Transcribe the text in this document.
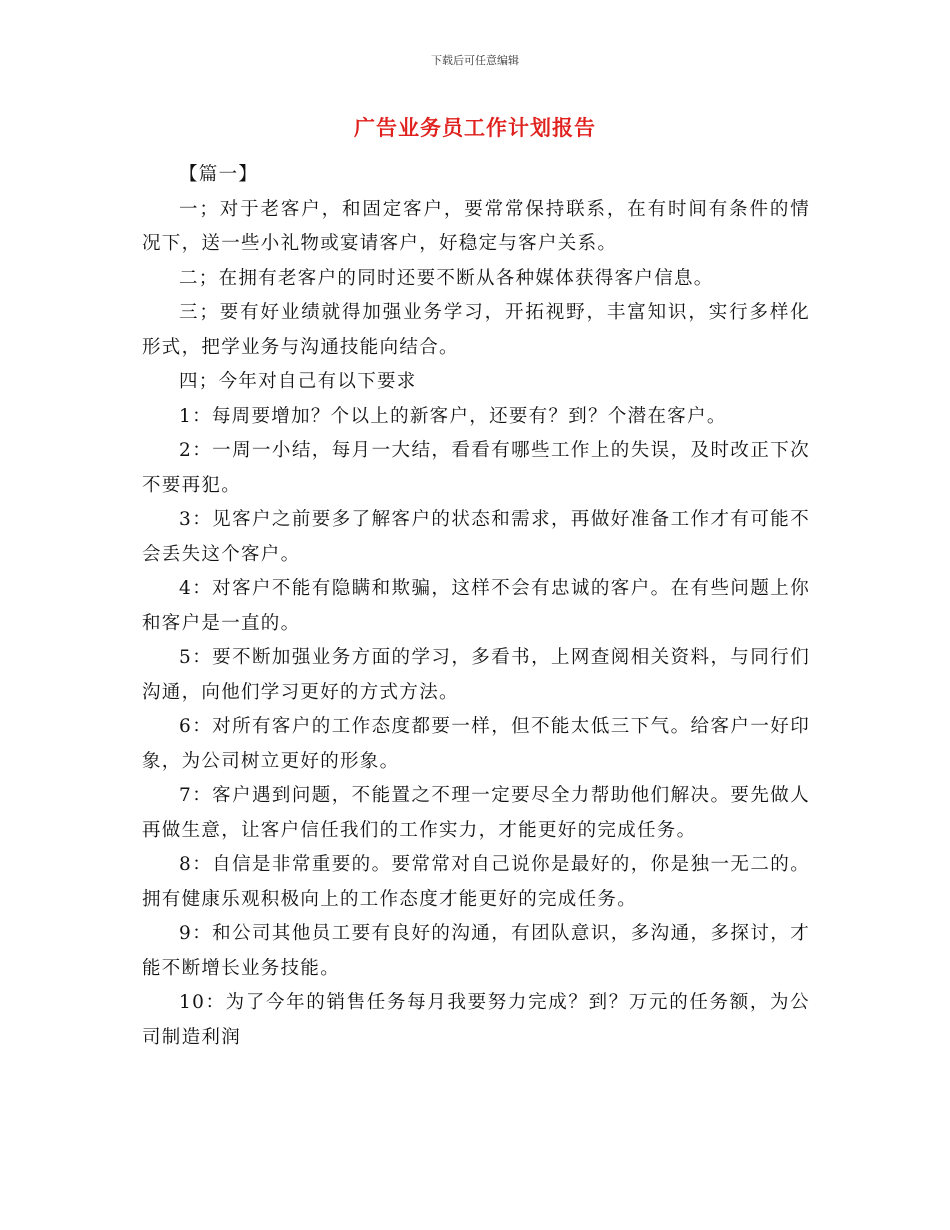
下载后可任意编辑
广告业务员工作计划报告

【篇一】

一；对于老客户，和固定客户，要常常保持联系，在有时间有条件的情况下，送一些小礼物或宴请客户，好稳定与客户关系。

二；在拥有老客户的同时还要不断从各种媒体获得客户信息。

三；要有好业绩就得加强业务学习，开拓视野，丰富知识，实行多样化形式，把学业务与沟通技能向结合。

四；今年对自己有以下要求

1：每周要增加？个以上的新客户，还要有？到？个潜在客户。

2：一周一小结，每月一大结，看看有哪些工作上的失误，及时改正下次不要再犯。

3：见客户之前要多了解客户的状态和需求，再做好准备工作才有可能不会丢失这个客户。

4：对客户不能有隐瞒和欺骗，这样不会有忠诚的客户。在有些问题上你和客户是一直的。

5：要不断加强业务方面的学习，多看书，上网查阅相关资料，与同行们沟通，向他们学习更好的方式方法。

6：对所有客户的工作态度都要一样，但不能太低三下气。给客户一好印象，为公司树立更好的形象。

7：客户遇到问题，不能置之不理一定要尽全力帮助他们解决。要先做人再做生意，让客户信任我们的工作实力，才能更好的完成任务。

8：自信是非常重要的。要常常对自己说你是最好的，你是独一无二的。拥有健康乐观积极向上的工作态度才能更好的完成任务。

9：和公司其他员工要有良好的沟通，有团队意识，多沟通，多探讨，才能不断增长业务技能。

10：为了今年的销售任务每月我要努力完成？到？万元的任务额，为公司制造利润
